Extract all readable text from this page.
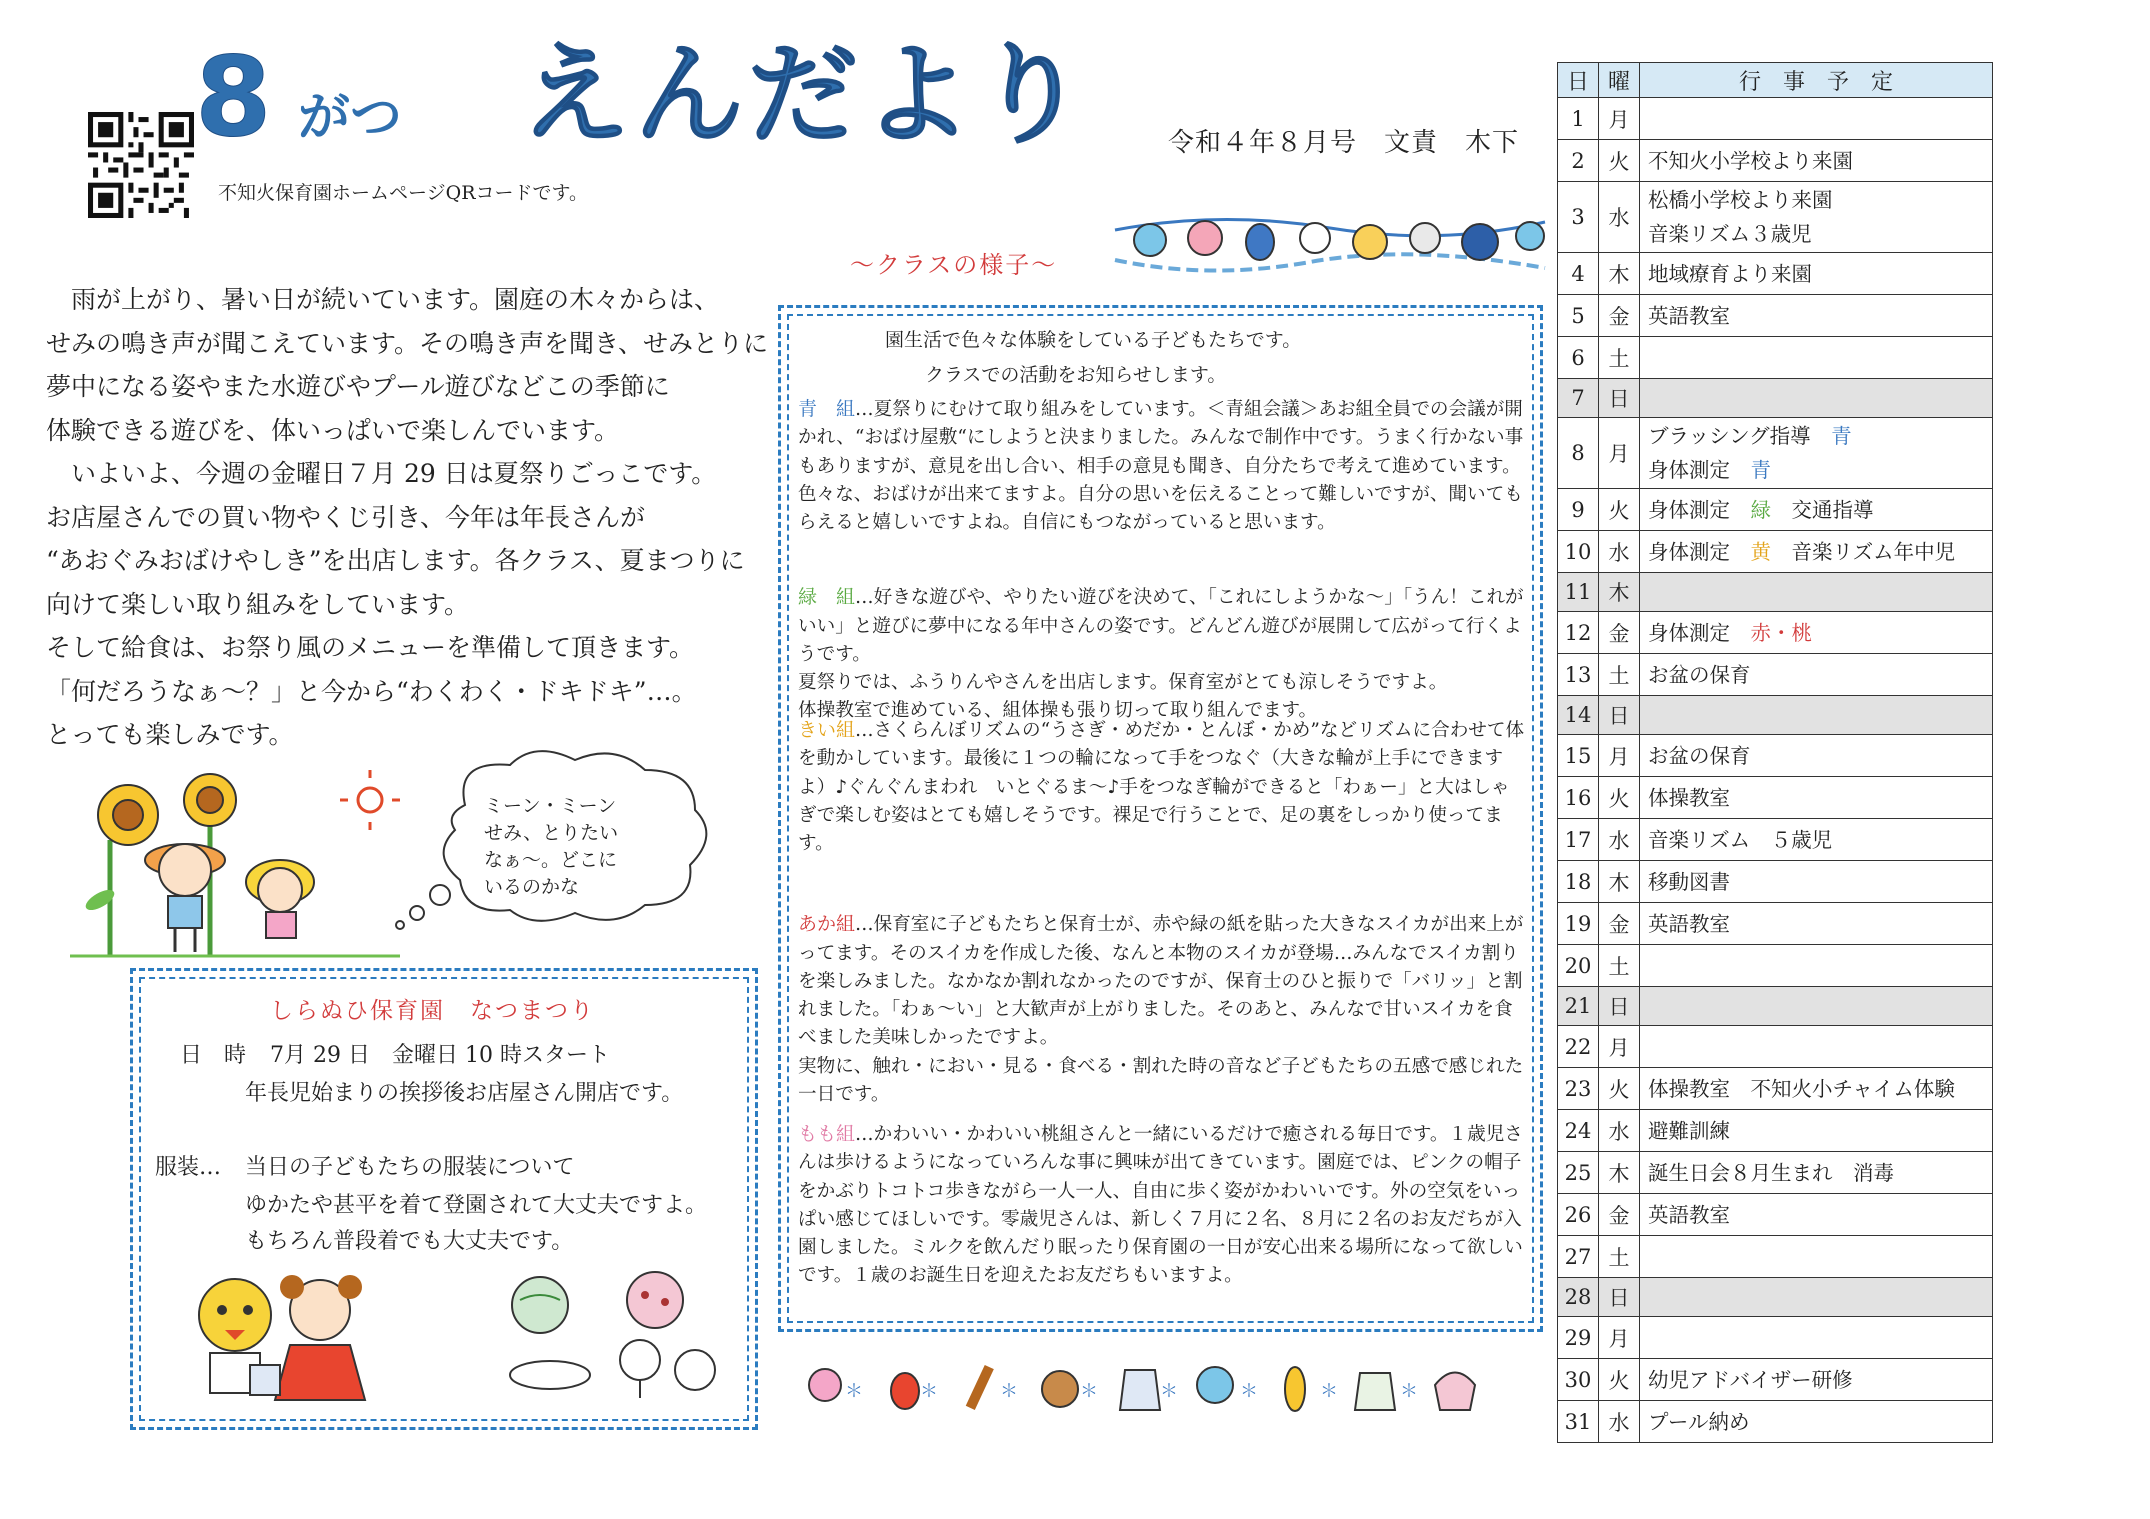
8 がつ えんだより
不知火保育園ホームページQRコードです。
令和４年８月号　文責　木下
～クラスの様子～

　雨が上がり、暑い日が続いています。園庭の木々からは、

せみの鳴き声が聞こえています。その鳴き声を聞き、せみとりに

夢中になる姿やまた水遊びやプール遊びなどこの季節に

体験できる遊びを、体いっぱいで楽しんでいます。

　いよいよ、今週の金曜日７月 29 日は夏祭りごっこです。

お店屋さんでの買い物やくじ引き、今年は年長さんが

“あおぐみおばけやしき”を出店します。各クラス、夏まつりに

向けて楽しい取り組みをしています。

そして給食は、お祭り風のメニューを準備して頂きます。

「何だろうなぁ～？」と今から“わくわく・ドキドキ”…。

とっても楽しみです。

ミーン・ミーン
せみ、とりたい
なぁ～。どこに
いるのかな
しらぬひ保育園　なつまつり
日　時 7月 29 日　金曜日 10 時スタート
年長児始まりの挨拶後お店屋さん開店です。
服装… 当日の子どもたちの服装について
ゆかたや甚平を着て登園されて大丈夫ですよ。
もちろん普段着でも大丈夫です。
園生活で色々な体験をしている子どもたちです。
クラスでの活動をお知らせします。

青　組…夏祭りにむけて取り組みをしています。＜青組会議＞あお組全員での会議が開かれ、“おばけ屋敷“にしようと決まりました。みんなで制作中です。うまく行かない事もありますが、意見を出し合い、相手の意見も聞き、自分たちで考えて進めています。色々な、おばけが出来てますよ。自分の思いを伝えることって難しいですが、聞いてもらえると嬉しいですよね。自信にもつながっていると思います。

緑　組…好きな遊びや、やりたい遊びを決めて、「これにしようかな～」「うん！これがいい」と遊びに夢中になる年中さんの姿です。どんどん遊びが展開して広がって行くようです。
夏祭りでは、ふうりんやさんを出店します。保育室がとても涼しそうですよ。
体操教室で進めている、組体操も張り切って取り組んでます。

きい組…さくらんぼリズムの“うさぎ・めだか・とんぼ・かめ”などリズムに合わせて体を動かしています。最後に１つの輪になって手をつなぐ（大きな輪が上手にできますよ）♪ぐんぐんまわれ　いとぐるま～♪手をつなぎ輪ができると「わぁー」と大はしゃぎで楽しむ姿はとても嬉しそうです。裸足で行うことで、足の裏をしっかり使ってます。

あか組…保育室に子どもたちと保育士が、赤や緑の紙を貼った大きなスイカが出来上がってます。そのスイカを作成した後、なんと本物のスイカが登場…みんなでスイカ割りを楽しみました。なかなか割れなかったのですが、保育士のひと振りで「バリッ」と割れました。「わぁ～い」と大歓声が上がりました。そのあと、みんなで甘いスイカを食べました美味しかったですよ。
実物に、触れ・におい・見る・食べる・割れた時の音など子どもたちの五感で感じれた一日です。

もも組…かわいい・かわいい桃組さんと一緒にいるだけで癒される毎日です。１歳児さんは歩けるようになっていろんな事に興味が出てきています。園庭では、ピンクの帽子をかぶりトコトコ歩きながら一人一人、自由に歩く姿がかわいいです。外の空気をいっぱい感じてほしいです。零歳児さんは、新しく７月に２名、８月に２名のお友だちが入園しました。ミルクを飲んだり眠ったり保育園の一日が安心出来る場所になって欲しいです。１歳のお誕生日を迎えたお友だちもいますよ。

＊	＊	＊	＊	＊	＊	＊	＊
日	曜	行　事　予　定
1	月	
2	火	不知火小学校より来園

3	水	松橋小学校より来園
音楽リズム３歳児

4	木	地域療育より来園

5	金	英語教室

6	土	
7	日	
8	月	ブラッシング指導　青
身体測定　青

9	火	身体測定　緑　交通指導

10	水	身体測定　黄　音楽リズム年中児

11	木	
12	金	身体測定　赤・桃

13	土	お盆の保育

14	日	
15	月	お盆の保育

16	火	体操教室

17	水	音楽リズム　５歳児

18	木	移動図書

19	金	英語教室

20	土	
21	日	
22	月	
23	火	体操教室　不知火小チャイム体験

24	水	避難訓練

25	木	誕生日会８月生まれ　消毒

26	金	英語教室

27	土	
28	日	
29	月	
30	火	幼児アドバイザー研修

31	水	プール納め
